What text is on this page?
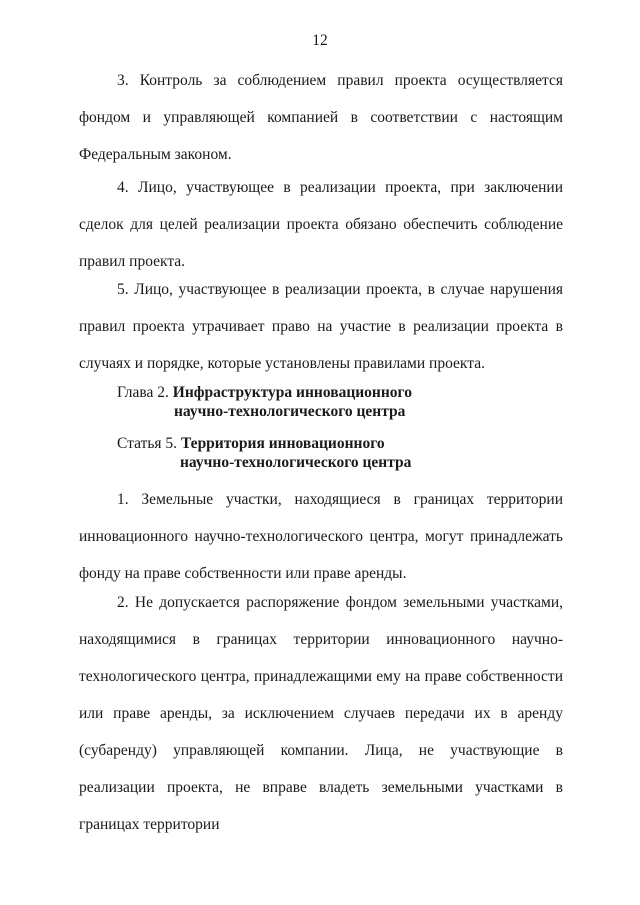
12

3. Контроль за соблюдением правил проекта осуществляется фондом и управляющей компанией в соответствии с настоящим Федеральным законом.

4. Лицо, участвующее в реализации проекта, при заключении сделок для целей реализации проекта обязано обеспечить соблюдение правил проекта.

5. Лицо, участвующее в реализации проекта, в случае нарушения правил проекта утрачивает право на участие в реализации проекта в случаях и порядке, которые установлены правилами проекта.

Глава 2. Инфраструктура инновационного
научно-технологического центра
Статья 5. Территория инновационного
научно-технологического центра

1. Земельные участки, находящиеся в границах территории инновационного научно-технологического центра, могут принадлежать фонду на праве собственности или праве аренды.

2. Не допускается распоряжение фондом земельными участками, находящимися в границах территории инновационного научно-технологического центра, принадлежащими ему на праве собственности или праве аренды, за исключением случаев передачи их в аренду (субаренду) управляющей компании. Лица, не участвующие в реализации проекта, не вправе владеть земельными участками в границах территории
